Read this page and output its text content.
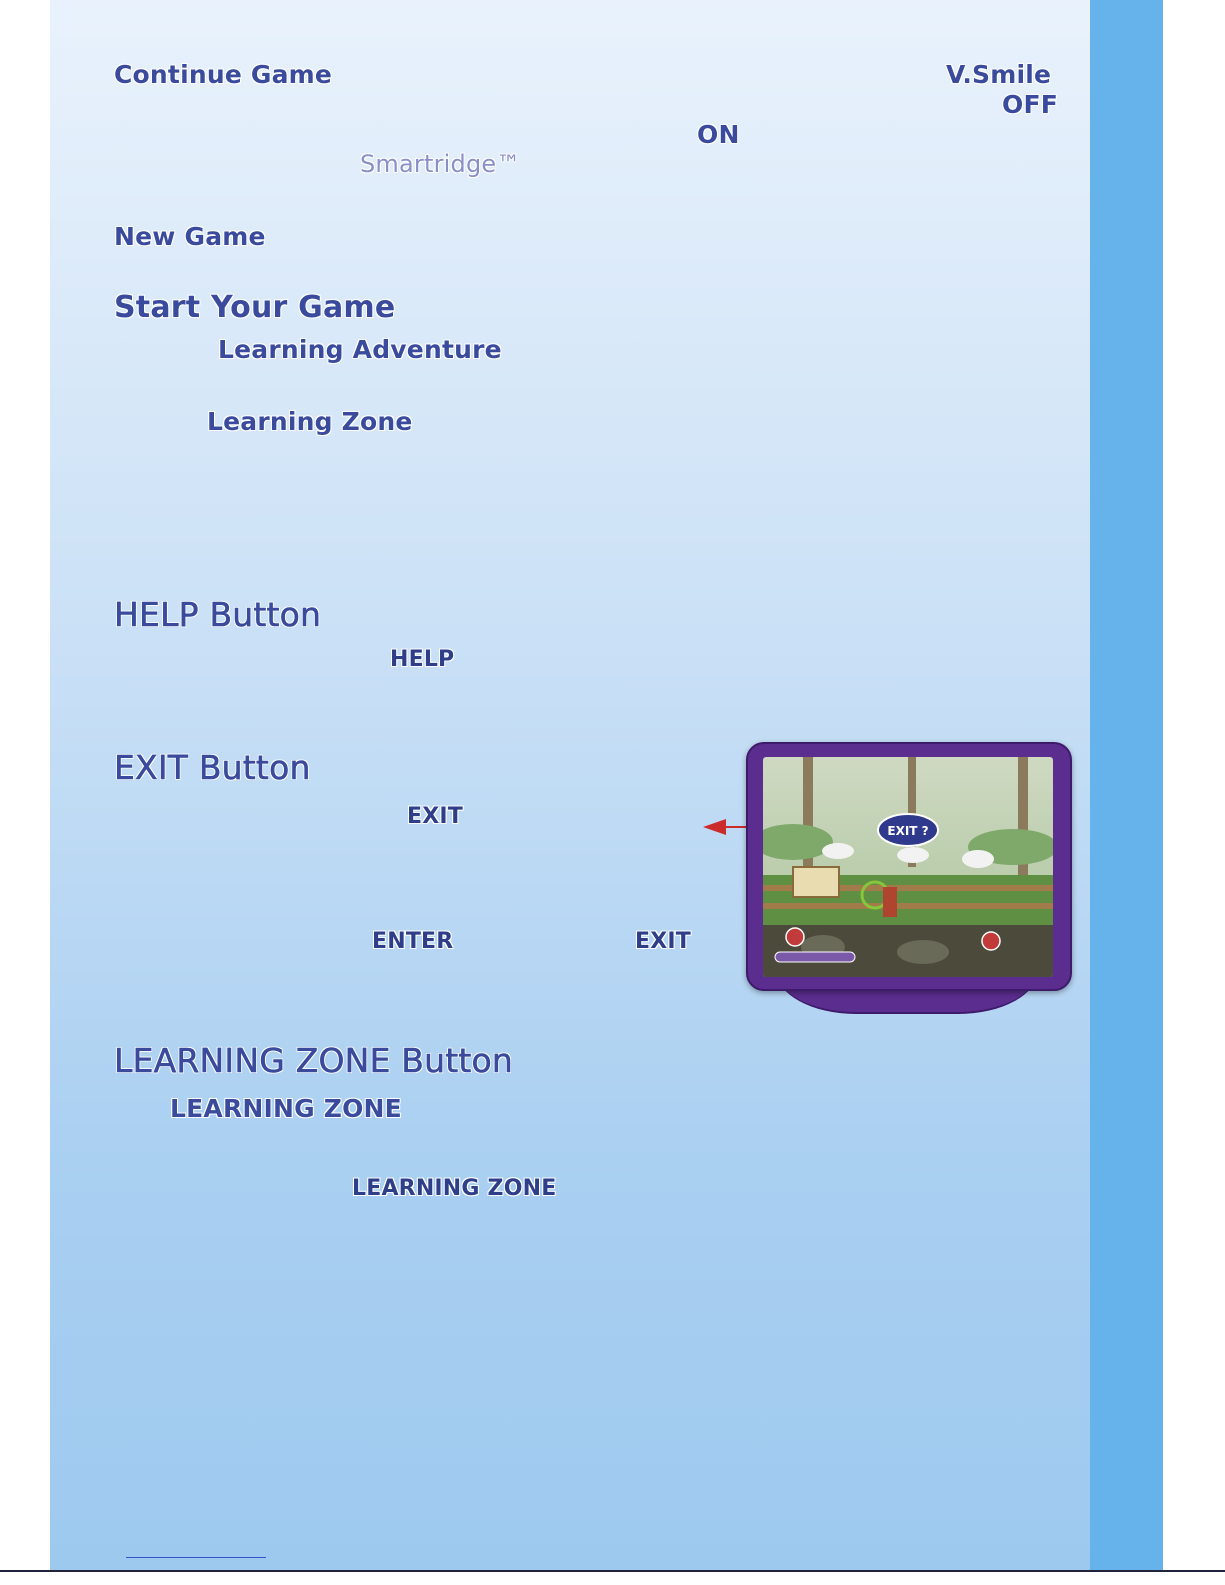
Continue Game	V.Smile
OFF
ON
Smartridge™
New Game
Start Your Game
Learning Adventure
Learning Zone
HELP Button
HELP
EXIT Button
EXIT
ENTER	EXIT
EXIT ?
LEARNING ZONE Button
LEARNING ZONE
LEARNING ZONE
